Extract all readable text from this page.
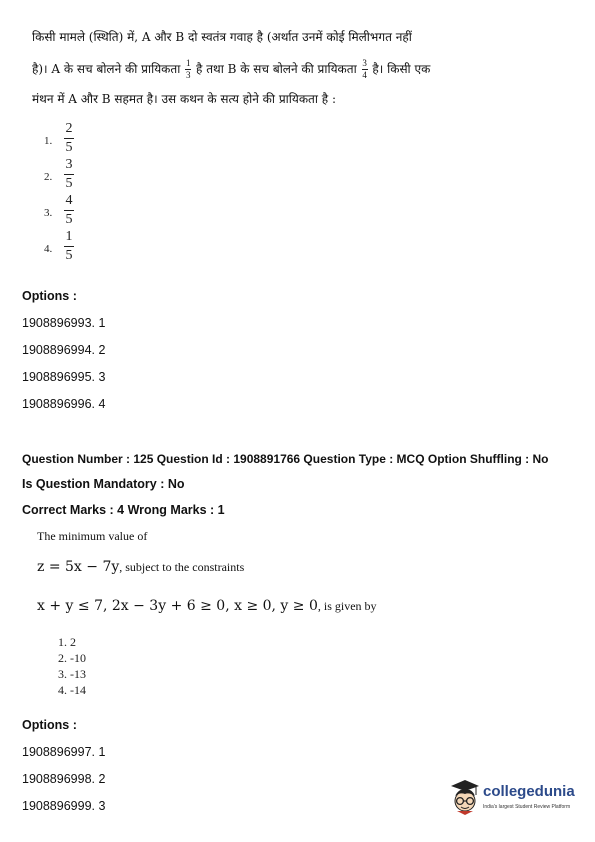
किसी मामले (स्थिति) में, A और B दो स्वतंत्र गवाह है (अर्थात उनमें कोई मिलीभगत नहीं
है)। A के सच बोलने की प्रायिकता $\frac{1}{3}$ है तथा B के सच बोलने की प्रायिकता $\frac{3}{4}$ है। किसी एक
मंथन में A और B सहमत है। उस कथन के सत्य होने की प्रायिकता है :
1.
2
5
2.
3
5
3.
4
5
4.
1
5
Options :
1908896993. 1
1908896994. 2
1908896995. 3
1908896996. 4
Question Number : 125 Question Id : 1908891766 Question Type : MCQ Option Shuffling : No
Is Question Mandatory : No
Correct Marks : 4 Wrong Marks : 1
The minimum value of
z = 5x − 7y, subject to the constraints
x + y ≤ 7, 2x − 3y + 6 ≥ 0, x ≥ 0, y ≥ 0, is given by
1. 2
2. -10
3. -13
4. -14
Options :
1908896997. 1
1908896998. 2
1908896999. 3
collegedunia
India's largest Student Review Platform
